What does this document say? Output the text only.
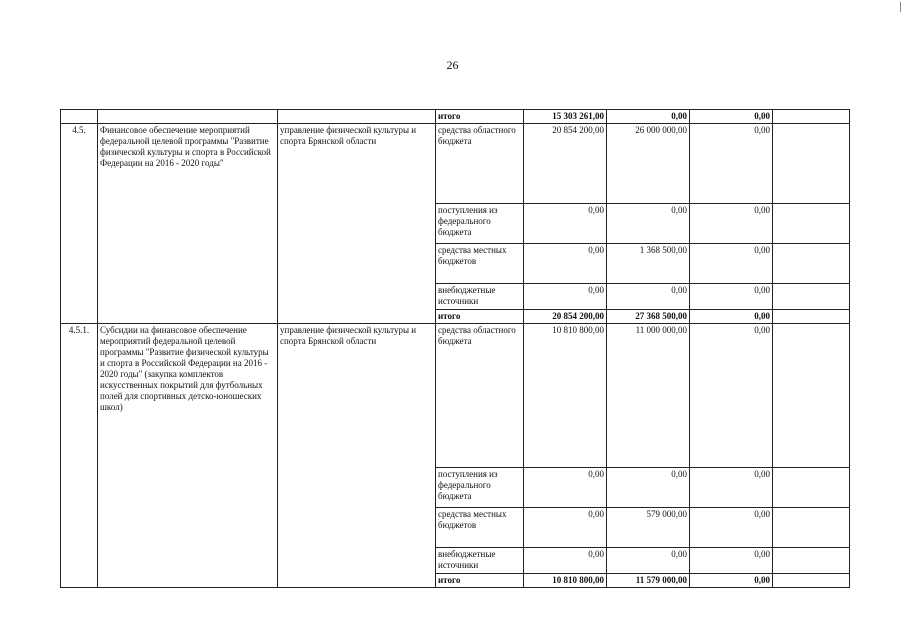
26
			итого	15 303 261,00	0,00	0,00	
4.5.	Финансовое обеспечение мероприятий федеральной целевой программы "Развитие физической культуры и спорта в Российской Федерации на 2016 - 2020 годы"	управление физической культуры и спорта Брянской области	средства областного бюджета	20 854 200,00	26 000 000,00	0,00	
			поступления из федерального бюджета	0,00	0,00	0,00	
			средства местных бюджетов	0,00	1 368 500,00	0,00	
			внебюджетные источники	0,00	0,00	0,00	
			итого	20 854 200,00	27 368 500,00	0,00	
4.5.1.	Субсидии на финансовое обеспечение мероприятий федеральной целевой программы "Развитие физической культуры и спорта в Российской Федерации на 2016 - 2020 годы" (закупка комплектов искусственных покрытий для футбольных полей для спортивных детско-юношеских школ)	управление физической культуры и спорта Брянской области	средства областного бюджета	10 810 800,00	11 000 000,00	0,00	
			поступления из федерального бюджета	0,00	0,00	0,00	
			средства местных бюджетов	0,00	579 000,00	0,00	
			внебюджетные источники	0,00	0,00	0,00	
			итого	10 810 800,00	11 579 000,00	0,00	
